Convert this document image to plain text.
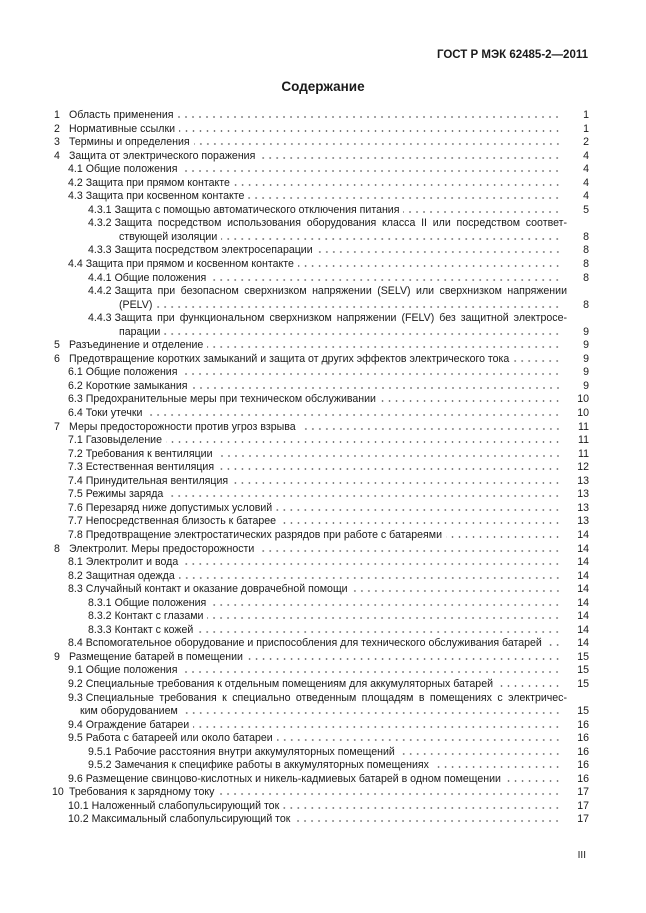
ГОСТ Р МЭК 62485-2—2011
Содержание
1 Область применения	1
2 Нормативные ссылки	1
3 Термины и определения	2
4 Защита от электрического поражения	4
4.1 Общие положения	4
4.2 Защита при прямом контакте	4
4.3 Защита при косвенном контакте	4
4.3.1 Защита с помощью автоматического отключения питания	5
4.3.2 Защита посредством использования оборудования класса II или посредством соответ-
ствующей изоляции	8
4.3.3 Защита посредством электросепарации	8
4.4 Защита при прямом и косвенном контакте	8
4.4.1 Общие положения	8
4.4.2 Защита при безопасном сверхнизком напряжении (SELV) или сверхнизком напряжении
(PELV)	8
4.4.3 Защита при функциональном сверхнизком напряжении (FELV) без защитной электросе-
парации	9
5 Разъединение и отделение	9
6 Предотвращение коротких замыканий и защита от других эффектов электрического тока	9
6.1 Общие положения	9
6.2 Короткие замыкания	9
6.3 Предохранительные меры при техническом обслуживании	10
6.4 Токи утечки	10
7 Меры предосторожности против угроз взрыва	11
7.1 Газовыделение	11
7.2 Требования к вентиляции	11
7.3 Естественная вентиляция	12
7.4 Принудительная вентиляция	13
7.5 Режимы заряда	13
7.6 Перезаряд ниже допустимых условий	13
7.7 Непосредственная близость к батарее	13
7.8 Предотвращение электростатических разрядов при работе с батареями	14
8 Электролит. Меры предосторожности	14
8.1 Электролит и вода	14
8.2 Защитная одежда	14
8.3 Случайный контакт и оказание доврачебной помощи	14
8.3.1 Общие положения	14
8.3.2 Контакт с глазами	14
8.3.3 Контакт с кожей	14
8.4 Вспомогательное оборудование и приспособления для технического обслуживания батарей	14
9 Размещение батарей в помещении	15
9.1 Общие положения	15
9.2 Специальные требования к отдельным помещениям для аккумуляторных батарей	15
9.3 Специальные требования к специально отведенным площадям в помещениях с электричес-
ким оборудованием	15
9.4 Ограждение батареи	16
9.5 Работа с батареей или около батареи	16
9.5.1 Рабочие расстояния внутри аккумуляторных помещений	16
9.5.2 Замечания к специфике работы в аккумуляторных помещениях	16
9.6 Размещение свинцово-кислотных и никель-кадмиевых батарей в одном помещении	16
10 Требования к зарядному току	17
10.1 Наложенный слабопульсирующий ток	17
10.2 Максимальный слабопульсирующий ток	17
III
